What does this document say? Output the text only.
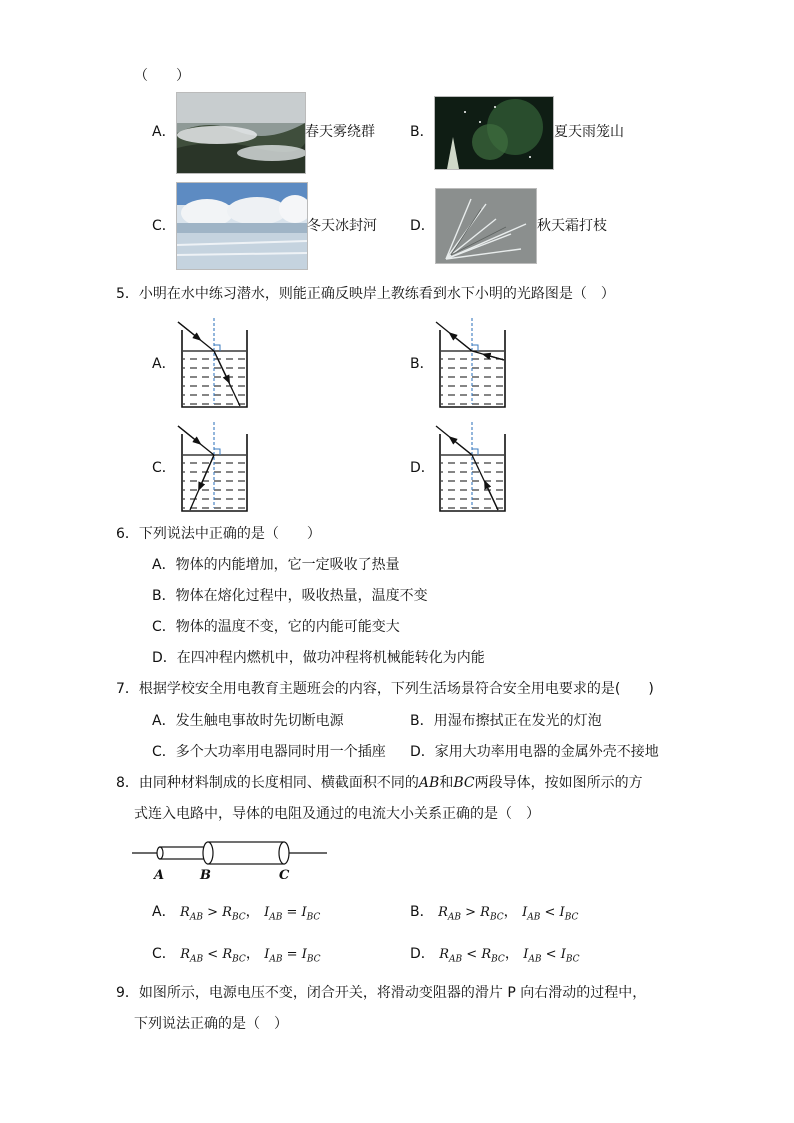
（　　）
A．	春天雾绕群	B．	夏天雨笼山
C．	冬天冰封河 D．	秋天霜打枝
5．小明在水中练习潜水，则能正确反映岸上教练看到水下小明的光路图是（　）
A．	B．
C．	D．
6．下列说法中正确的是（　　）
A．物体的内能增加，它一定吸收了热量
B．物体在熔化过程中，吸收热量，温度不变
C．物体的温度不变，它的内能可能变大
D．在四冲程内燃机中，做功冲程将机械能转化为内能
7．根据学校安全用电教育主题班会的内容，下列生活场景符合安全用电要求的是(　　)
A．发生触电事故时先切断电源	B．用湿布擦拭正在发光的灯泡
C．多个大功率用电器同时用一个插座 D．家用大功率用电器的金属外壳不接地
8．由同种材料制成的长度相同、横截面积不同的AB和BC两段导体，按如图所示的方
式连入电路中，导体的电阻及通过的电流大小关系正确的是（　）
A	B	C
A． $R_{AB} > R_{BC}$， $I_{AB} = I_{BC}$	B． $R_{AB} > R_{BC}$， $I_{AB} < I_{BC}$
C． $R_{AB} < R_{BC}$， $I_{AB} = I_{BC}$	D． $R_{AB} < R_{BC}$， $I_{AB} < I_{BC}$
9．如图所示，电源电压不变，闭合开关，将滑动变阻器的滑片 P 向右滑动的过程中，
下列说法正确的是（　）
